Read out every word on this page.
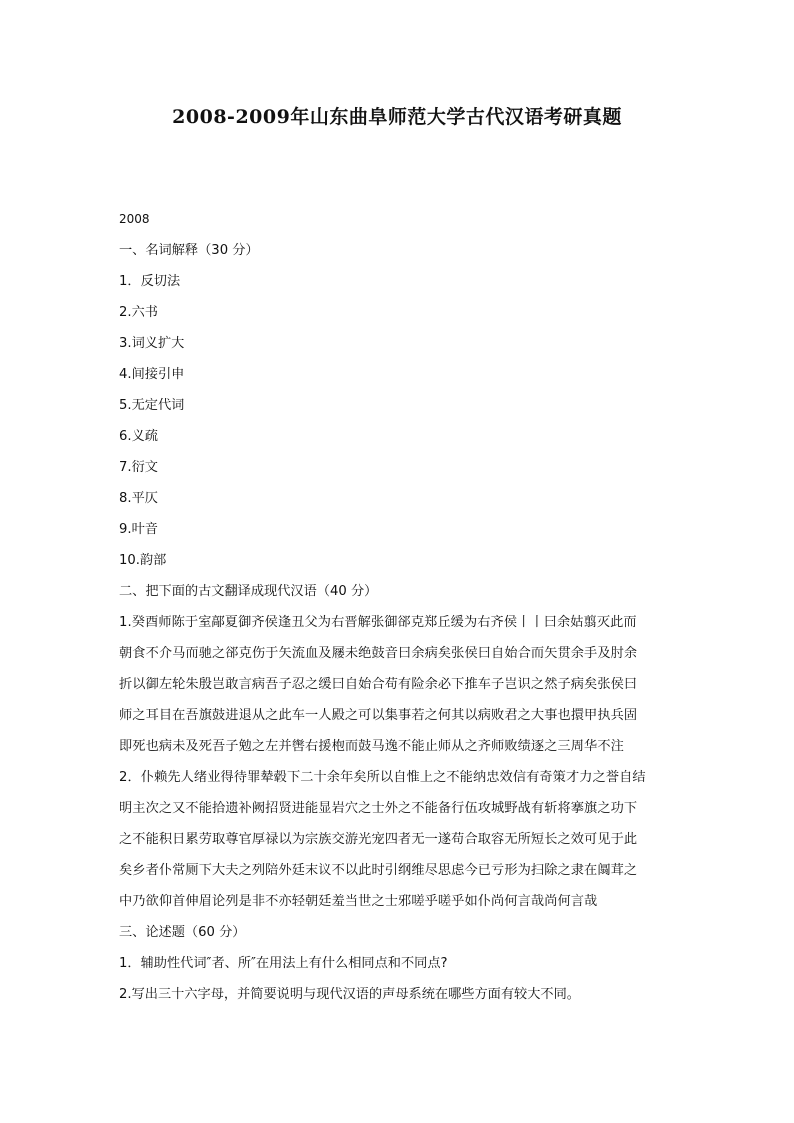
2008-2009年山东曲阜师范大学古代汉语考研真题
2008
一、名词解释（30 分）
1．反切法
2.六书
3.词义扩大
4.间接引申
5.无定代词
6.义疏
7.衍文
8.平仄
9.叶音
10.韵部
二、把下面的古文翻译成现代汉语（40 分）
1.癸酉师陈于室鄗夏御齐侯逢丑父为右晋解张御郤克郑丘缓为右齐侯丨丨曰余姑翦灭此而
朝食不介马而驰之郤克伤于矢流血及屦未绝鼓音曰余病矣张侯曰自始合而矢贯余手及肘余
折以御左轮朱殷岂敢言病吾子忍之缓曰自始合苟有险余必下推车子岂识之然子病矣张侯曰
师之耳目在吾旗鼓进退从之此车一人殿之可以集事若之何其以病败君之大事也擐甲执兵固
即死也病未及死吾子勉之左并辔右援枹而鼓马逸不能止师从之齐师败绩逐之三周华不注
2．仆赖先人绪业得待罪辇毂下二十余年矣所以自惟上之不能纳忠效信有奇策才力之誉自结
明主次之又不能拾遗补阙招贤进能显岩穴之士外之不能备行伍攻城野战有斩将搴旗之功下
之不能积日累劳取尊官厚禄以为宗族交游光宠四者无一遂苟合取容无所短长之效可见于此
矣乡者仆常厕下大夫之列陪外廷末议不以此时引纲维尽思虑今已亏形为扫除之隶在阘茸之
中乃欲仰首伸眉论列是非不亦轻朝廷羞当世之士邪嗟乎嗟乎如仆尚何言哉尚何言哉
三、论述题（60 分）
1．辅助性代词″者、所″在用法上有什么相同点和不同点?
2.写出三十六字母，并简要说明与现代汉语的声母系统在哪些方面有较大不同。
